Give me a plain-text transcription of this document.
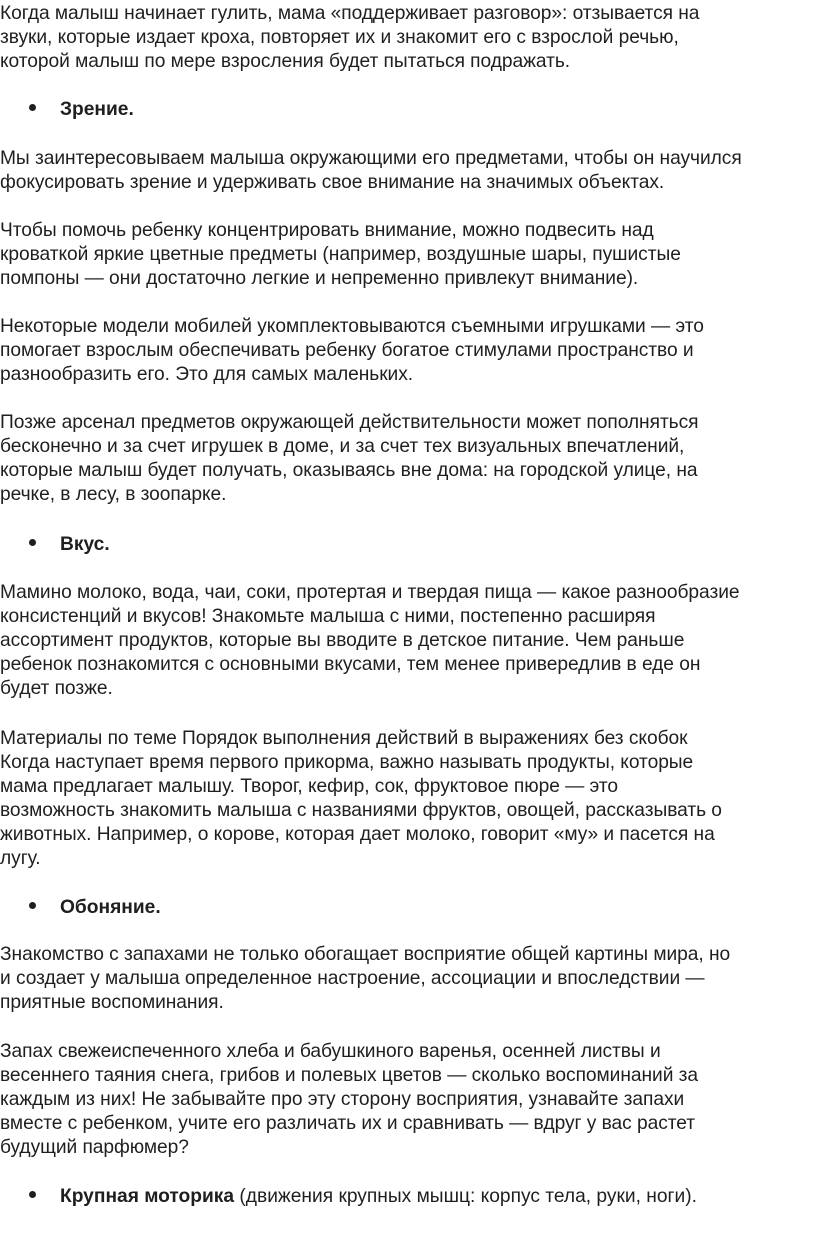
Когда малыш начинает гулить, мама «поддерживает разговор»: отзывается на
звуки, которые издает кроха, повторяет их и знакомит его с взрослой речью,
которой малыш по мере взросления будет пытаться подражать.

Зрение.

Мы заинтересовываем малыша окружающими его предметами, чтобы он научился
фокусировать зрение и удерживать свое внимание на значимых объектах.

Чтобы помочь ребенку концентрировать внимание, можно подвесить над
кроваткой яркие цветные предметы (например, воздушные шары, пушистые
помпоны — они достаточно легкие и непременно привлекут внимание).

Некоторые модели мобилей укомплектовываются съемными игрушками — это
помогает взрослым обеспечивать ребенку богатое стимулами пространство и
разнообразить его. Это для самых маленьких.

Позже арсенал предметов окружающей действительности может пополняться
бесконечно и за счет игрушек в доме, и за счет тех визуальных впечатлений,
которые малыш будет получать, оказываясь вне дома: на городской улице, на
речке, в лесу, в зоопарке.

Вкус.

Мамино молоко, вода, чаи, соки, протертая и твердая пища — какое разнообразие
консистенций и вкусов! Знакомьте малыша с ними, постепенно расширяя
ассортимент продуктов, которые вы вводите в детское питание. Чем раньше
ребенок познакомится с основными вкусами, тем менее привередлив в еде он
будет позже.

Материалы по теме Порядок выполнения действий в выражениях без скобок
Когда наступает время первого прикорма, важно называть продукты, которые
мама предлагает малышу. Творог, кефир, сок, фруктовое пюре — это
возможность знакомить малыша с названиями фруктов, овощей, рассказывать о
животных. Например, о корове, которая дает молоко, говорит «му» и пасется на
лугу.

Обоняние.

Знакомство с запахами не только обогащает восприятие общей картины мира, но
и создает у малыша определенное настроение, ассоциации и впоследствии —
приятные воспоминания.

Запах свежеиспеченного хлеба и бабушкиного варенья, осенней листвы и
весеннего таяния снега, грибов и полевых цветов — сколько воспоминаний за
каждым из них! Не забывайте про эту сторону восприятия, узнавайте запахи
вместе с ребенком, учите его различать их и сравнивать — вдруг у вас растет
будущий парфюмер?

Крупная моторика (движения крупных мышц: корпус тела, руки, ноги).
